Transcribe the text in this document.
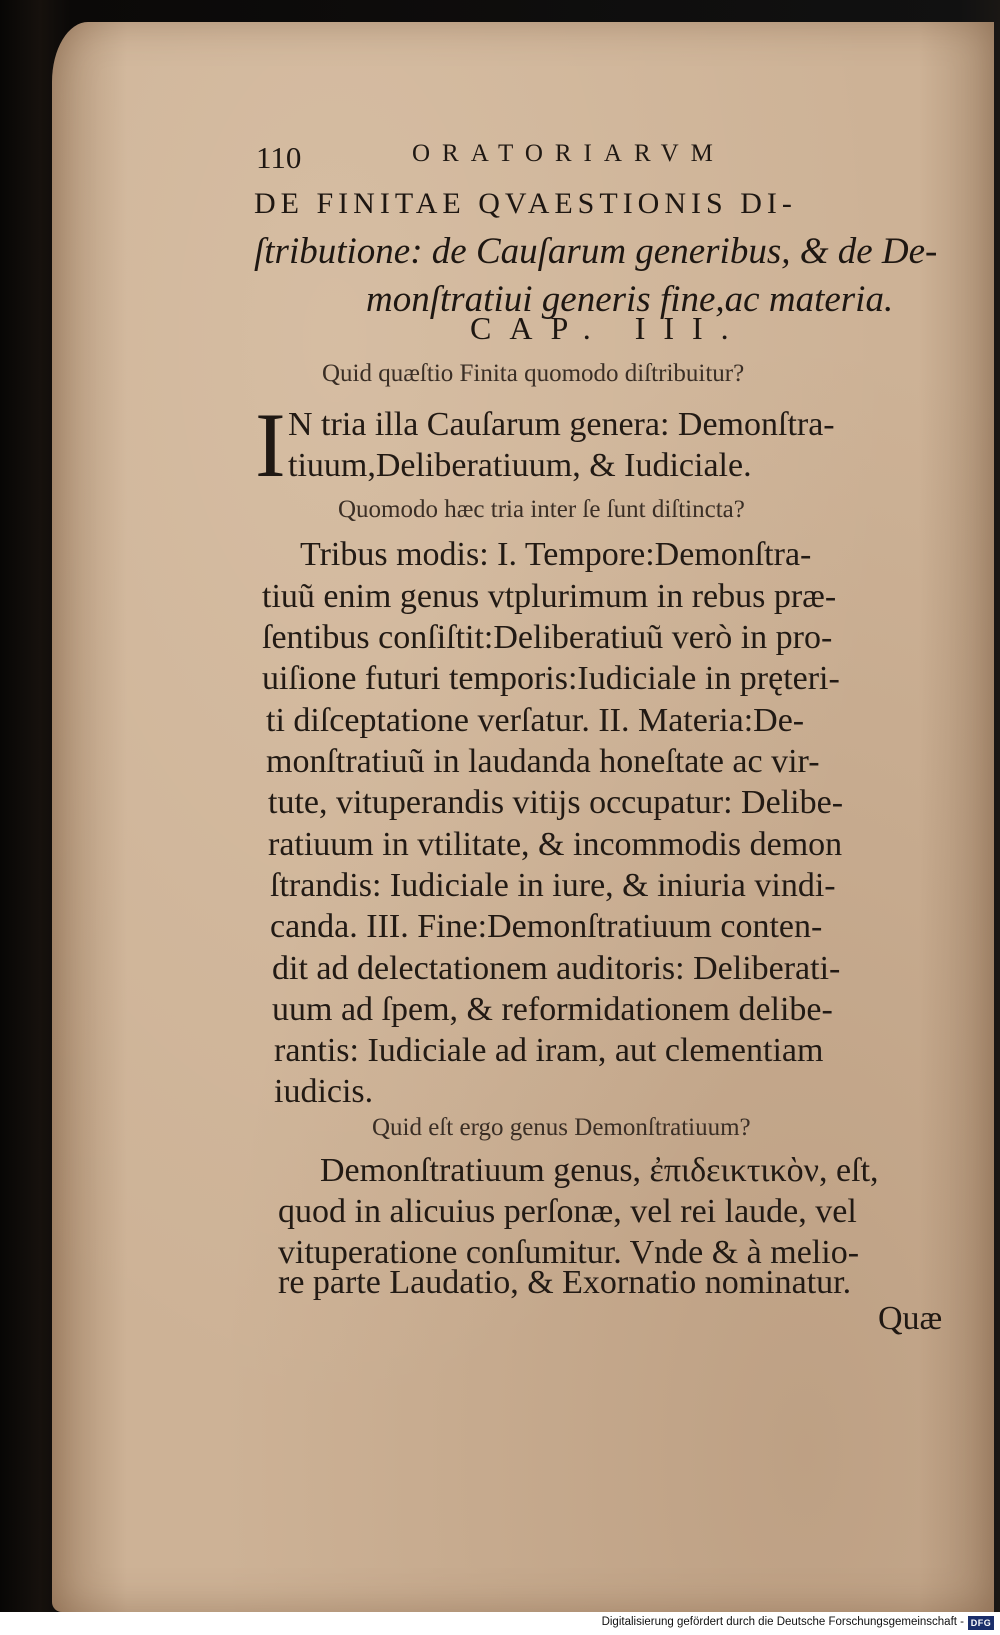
110	ORATORIARVM
DE FINITAE QVAESTIONIS DI-
ſtributione: de Cauſarum generibus, & de De-
monſtratiui generis fine,ac materia.
CAP. III.
Quid quæſtio Finita quomodo diſtribuitur?
I N tria illa Cauſarum genera: Demonſtra-
tiuum,Deliberatiuum, & Iudiciale.
Quomodo hæc tria inter ſe ſunt diſtincta?
Tribus modis: I. Tempore:Demonſtra-
tiuũ enim genus vtplurimum in rebus præ-
ſentibus conſiſtit:Deliberatiuũ verò in pro-
uiſione futuri temporis:Iudiciale in pręteri-
ti diſceptatione verſatur. II. Materia:De-
monſtratiuũ in laudanda honeſtate ac vir-
tute, vituperandis vitijs occupatur: Delibe-
ratiuum in vtilitate, & incommodis demon
ſtrandis: Iudiciale in iure, & iniuria vindi-
canda. III. Fine:Demonſtratiuum conten-
dit ad delectationem auditoris: Deliberati-
uum ad ſpem, & reformidationem delibe-
rantis: Iudiciale ad iram, aut clementiam
iudicis.
Quid eſt ergo genus Demonſtratiuum?
Demonſtratiuum genus, ἐπιδεικτικὸν, eſt,
quod in alicuius perſonæ, vel rei laude, vel
vituperatione conſumitur. Vnde & à melio-
re parte Laudatio, & Exornatio nominatur.
Quæ
Digitalisierung gefördert durch die Deutsche Forschungsgemeinschaft - DFG
